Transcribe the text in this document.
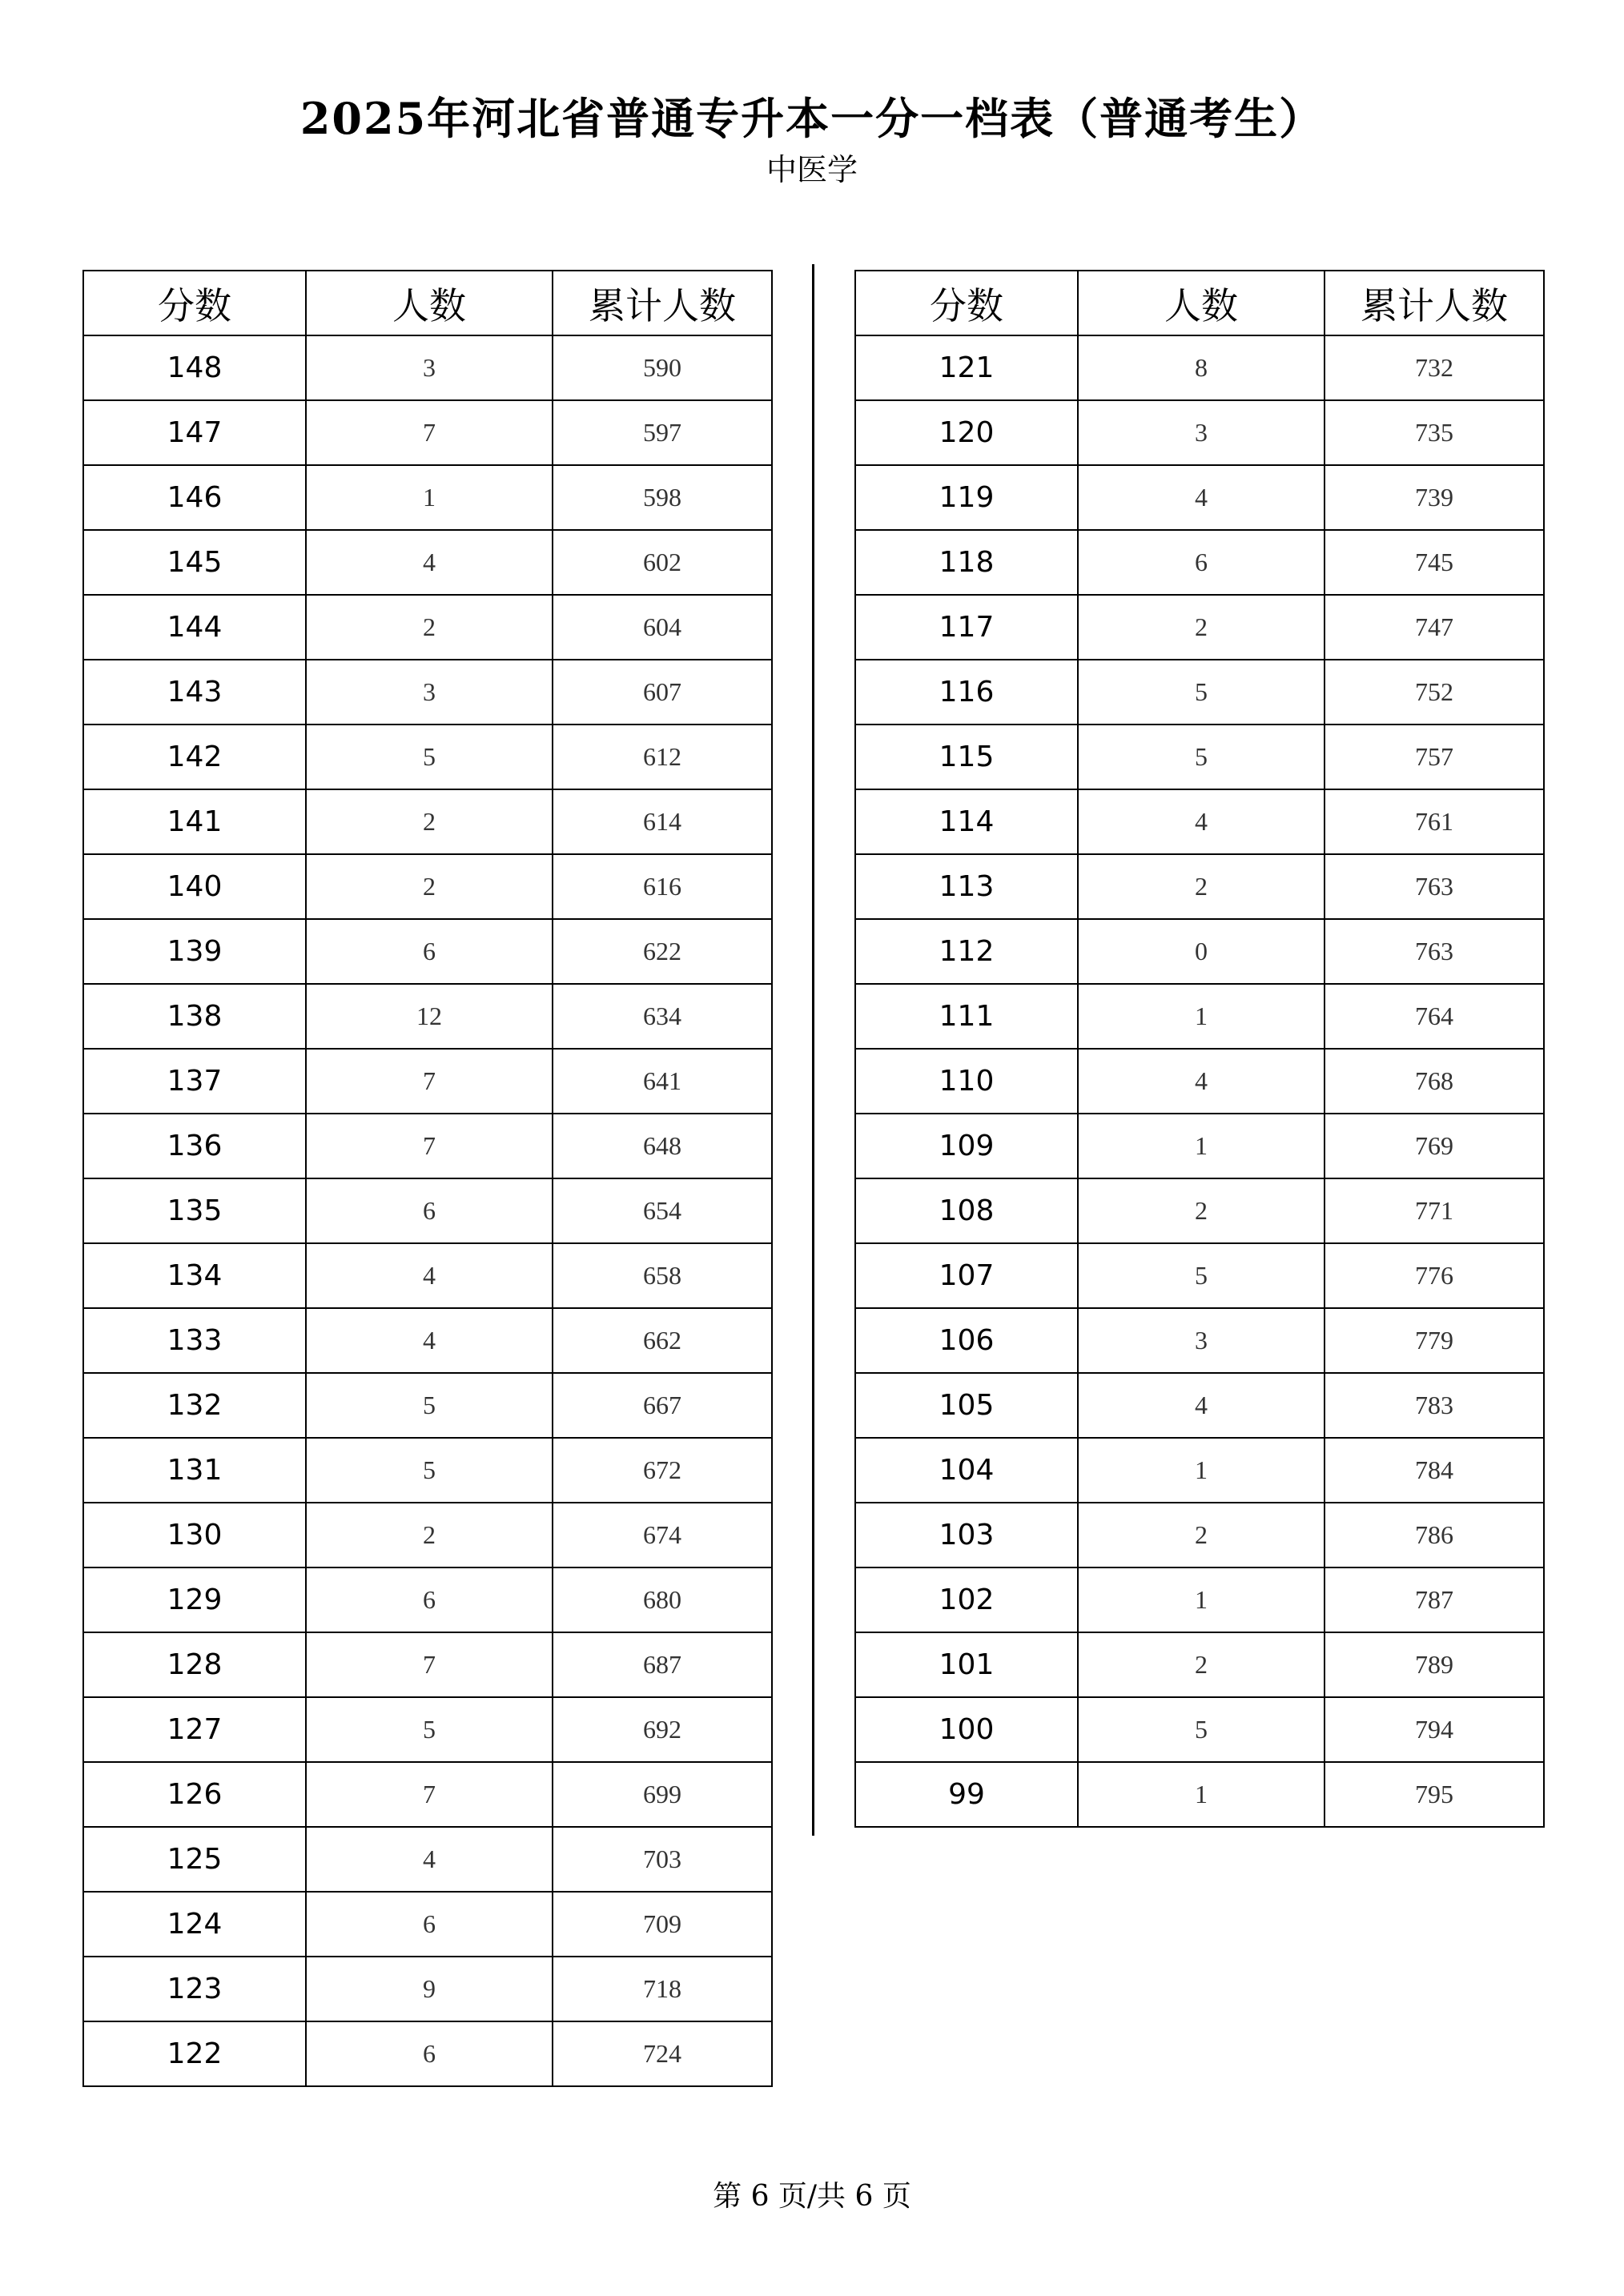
2025年河北省普通专升本一分一档表（普通考生）
中医学
分数	人数	累计人数
148	3	590
147	7	597
146	1	598
145	4	602
144	2	604
143	3	607
142	5	612
141	2	614
140	2	616
139	6	622
138	12	634
137	7	641
136	7	648
135	6	654
134	4	658
133	4	662
132	5	667
131	5	672
130	2	674
129	6	680
128	7	687
127	5	692
126	7	699
125	4	703
124	6	709
123	9	718
122	6	724
分数	人数	累计人数
121	8	732
120	3	735
119	4	739
118	6	745
117	2	747
116	5	752
115	5	757
114	4	761
113	2	763
112	0	763
111	1	764
110	4	768
109	1	769
108	2	771
107	5	776
106	3	779
105	4	783
104	1	784
103	2	786
102	1	787
101	2	789
100	5	794
99	1	795
第 6 页/共 6 页
